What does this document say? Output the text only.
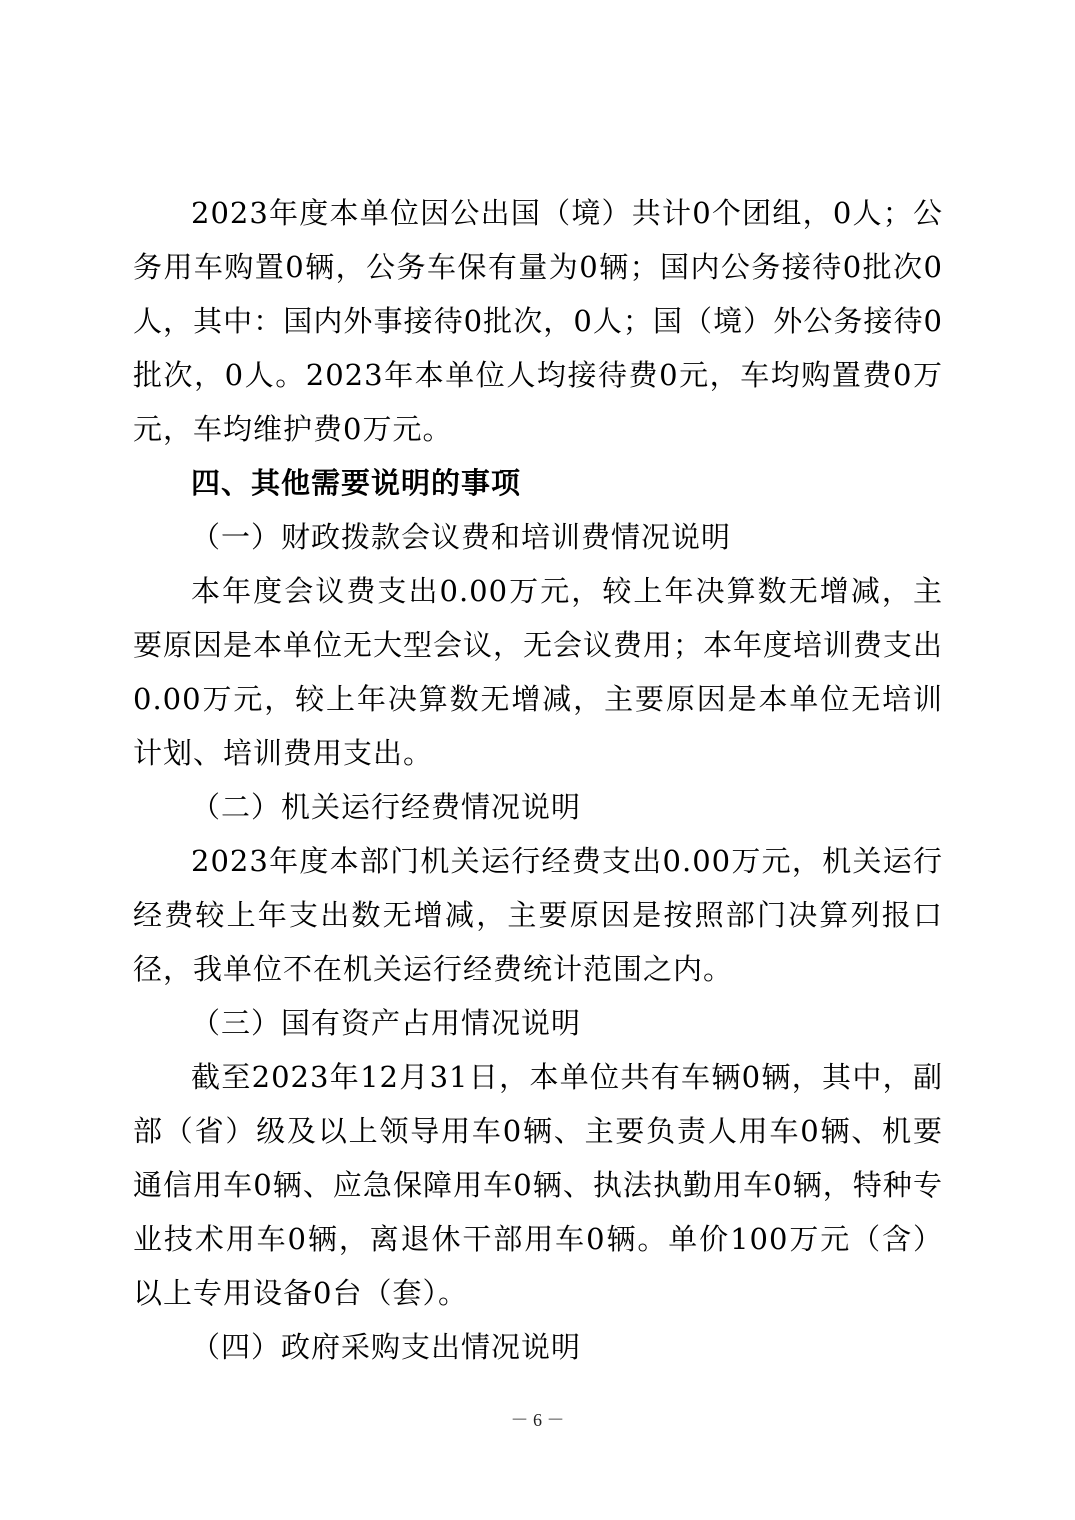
2023年度本单位因公出国（境）共计0个团组，0人；公务用车购置0辆，公务车保有量为0辆；国内公务接待0批次0人，其中：国内外事接待0批次，0人；国（境）外公务接待0批次，0人。2023年本单位人均接待费0元，车均购置费0万元，车均维护费0万元。

四、其他需要说明的事项

（一）财政拨款会议费和培训费情况说明

本年度会议费支出0.00万元，较上年决算数无增减，主要原因是本单位无大型会议，无会议费用；本年度培训费支出0.00万元，较上年决算数无增减，主要原因是本单位无培训计划、培训费用支出。

（二）机关运行经费情况说明

2023年度本部门机关运行经费支出0.00万元，机关运行经费较上年支出数无增减，主要原因是按照部门决算列报口径，我单位不在机关运行经费统计范围之内。

（三）国有资产占用情况说明

截至2023年12月31日，本单位共有车辆0辆，其中，副部（省）级及以上领导用车0辆、主要负责人用车0辆、机要通信用车0辆、应急保障用车0辆、执法执勤用车0辆，特种专业技术用车0辆，离退休干部用车0辆。单价100万元（含）以上专用设备0台（套）。

（四）政府采购支出情况说明

－ 6 －
